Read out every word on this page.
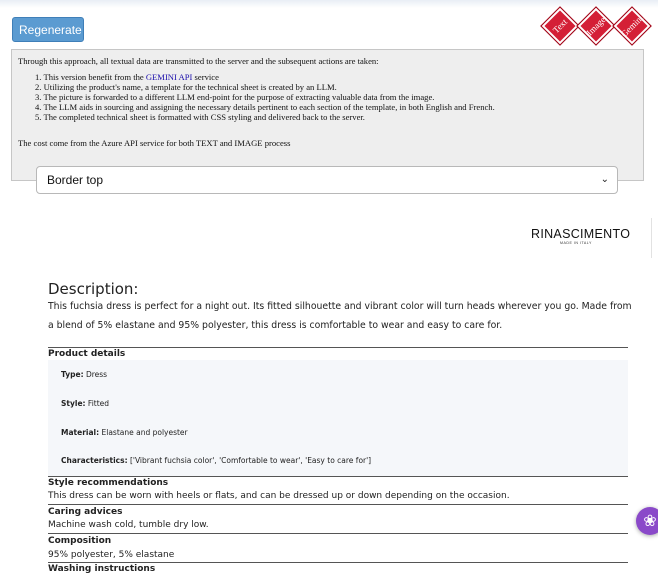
Regenerate	Text Image Gemini
Through this approach, all textual data are transmitted to the server and the subsequent actions are taken:
1. This version benefit from the GEMINI API service
2. Utilizing the product's name, a template for the technical sheet is created by an LLM.
3. The picture is forwarded to a different LLM end-point for the purpose of extracting valuable data from the image.
4. The LLM aids in sourcing and assigning the necessary details pertinent to each section of the template, in both English and French.
5. The completed technical sheet is formatted with CSS styling and delivered back to the server.
The cost come from the Azure API service for both TEXT and IMAGE process
Border top	⌄
RINASCIMENTO
MADE IN ITALY
Description:
This fuchsia dress is perfect for a night out. Its fitted silhouette and vibrant color will turn heads wherever you go. Made from a blend of 5% elastane and 95% polyester, this dress is comfortable to wear and easy to care for.
Product details
Type: Dress
Style: Fitted
Material: Elastane and polyester
Characteristics: ['Vibrant fuchsia color', 'Comfortable to wear', 'Easy to care for']
Style recommendations
This dress can be worn with heels or flats, and can be dressed up or down depending on the occasion.
Caring advices
Machine wash cold, tumble dry low.
Composition
95% polyester, 5% elastane
Washing instructions
❀
